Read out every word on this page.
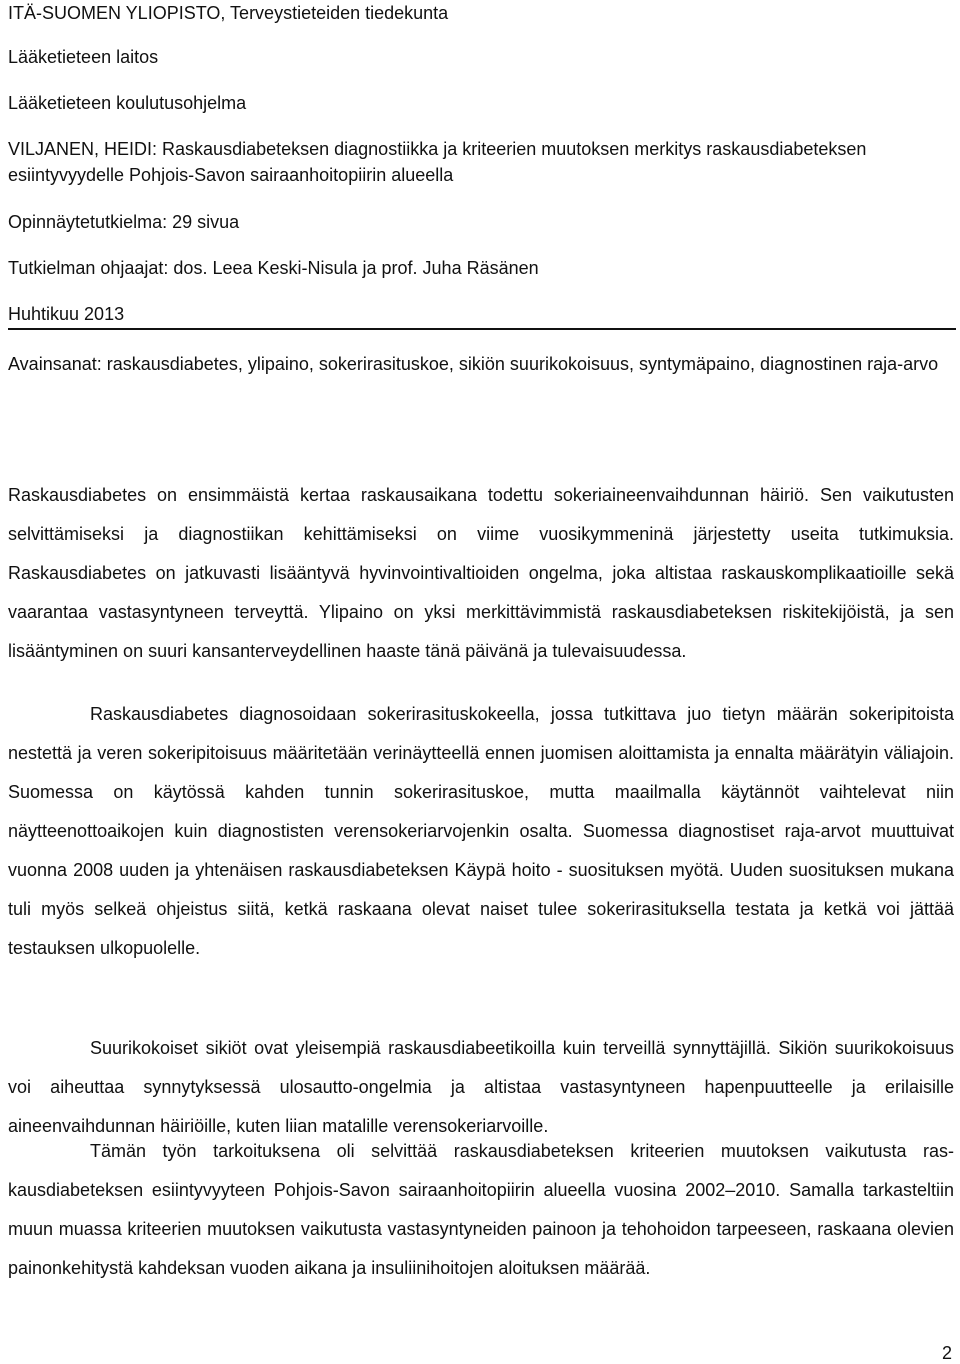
ITÄ-SUOMEN YLIOPISTO, Terveystieteiden tiedekunta
Lääketieteen laitos
Lääketieteen koulutusohjelma
VILJANEN, HEIDI: Raskausdiabeteksen diagnostiikka ja kriteerien muutoksen merkitys raskausdiabeteksen
esiintyvyydelle Pohjois-Savon sairaanhoitopiirin alueella
Opinnäytetutkielma: 29 sivua
Tutkielman ohjaajat: dos. Leea Keski-Nisula ja prof. Juha Räsänen
Huhtikuu 2013

Avainsanat: raskausdiabetes, ylipaino, sokerirasituskoe, sikiön suurikokoisuus, syntymäpaino, diagnostinen raja-arvo

Raskausdiabetes on ensimmäistä kertaa raskausaikana todettu sokeriaineenvaihdunnan häiriö. Sen vaikutusten selvittämiseksi ja diagnostiikan kehittämiseksi on viime vuosikymmeninä järjestetty useita tutkimuksia. Raskausdiabetes on jatkuvasti lisääntyvä hyvinvointivaltioiden ongelma, joka altistaa raskauskomplikaatioille sekä vaarantaa vastasyntyneen terveyttä. Ylipaino on yksi merkittävimmistä raskausdiabeteksen riskitekijöistä, ja sen lisääntyminen on suuri kansanterveydellinen haaste tänä päivänä ja tulevaisuudessa.

Raskausdiabetes diagnosoidaan sokerirasituskokeella, jossa tutkittava juo tietyn määrän sokeripitoista nestettä ja veren sokeripitoisuus määritetään verinäytteellä ennen juomisen aloittamista ja ennalta määrätyin väliajoin. Suomessa on käytössä kahden tunnin sokerirasituskoe, mutta maailmalla käytännöt vaihtelevat niin näytteenottoaikojen kuin diagnostisten verensokeriarvojenkin osalta. Suomessa diagnostiset raja-arvot muuttuivat vuonna 2008 uuden ja yhtenäisen raskausdiabeteksen Käypä hoito - suosituksen myötä. Uuden suosituksen mukana tuli myös selkeä ohjeistus siitä, ketkä raskaana olevat naiset tulee sokerirasituksella testata ja ketkä voi jättää testauksen ulkopuolelle.

Suurikokoiset sikiöt ovat yleisempiä raskausdiabeetikoilla kuin terveillä synnyttäjillä. Sikiön suurikokoisuus voi aiheuttaa synnytyksessä ulosautto-ongelmia ja altistaa vastasyntyneen hapenpuutteelle ja erilaisille aineenvaihdunnan häiriöille, kuten liian matalille verensokeriarvoille.

Tämän työn tarkoituksena oli selvittää raskausdiabeteksen kriteerien muutoksen vaikutusta raskausdiabeteksen esiintyvyyteen Pohjois-Savon sairaanhoitopiirin alueella vuosina 2002–2010. Samalla tarkasteltiin muun muassa kriteerien muutoksen vaikutusta vastasyntyneiden painoon ja tehohoidon tarpeeseen, raskaana olevien painonkehitystä kahdeksan vuoden aikana ja insuliinihoitojen aloituksen määrää.

2
